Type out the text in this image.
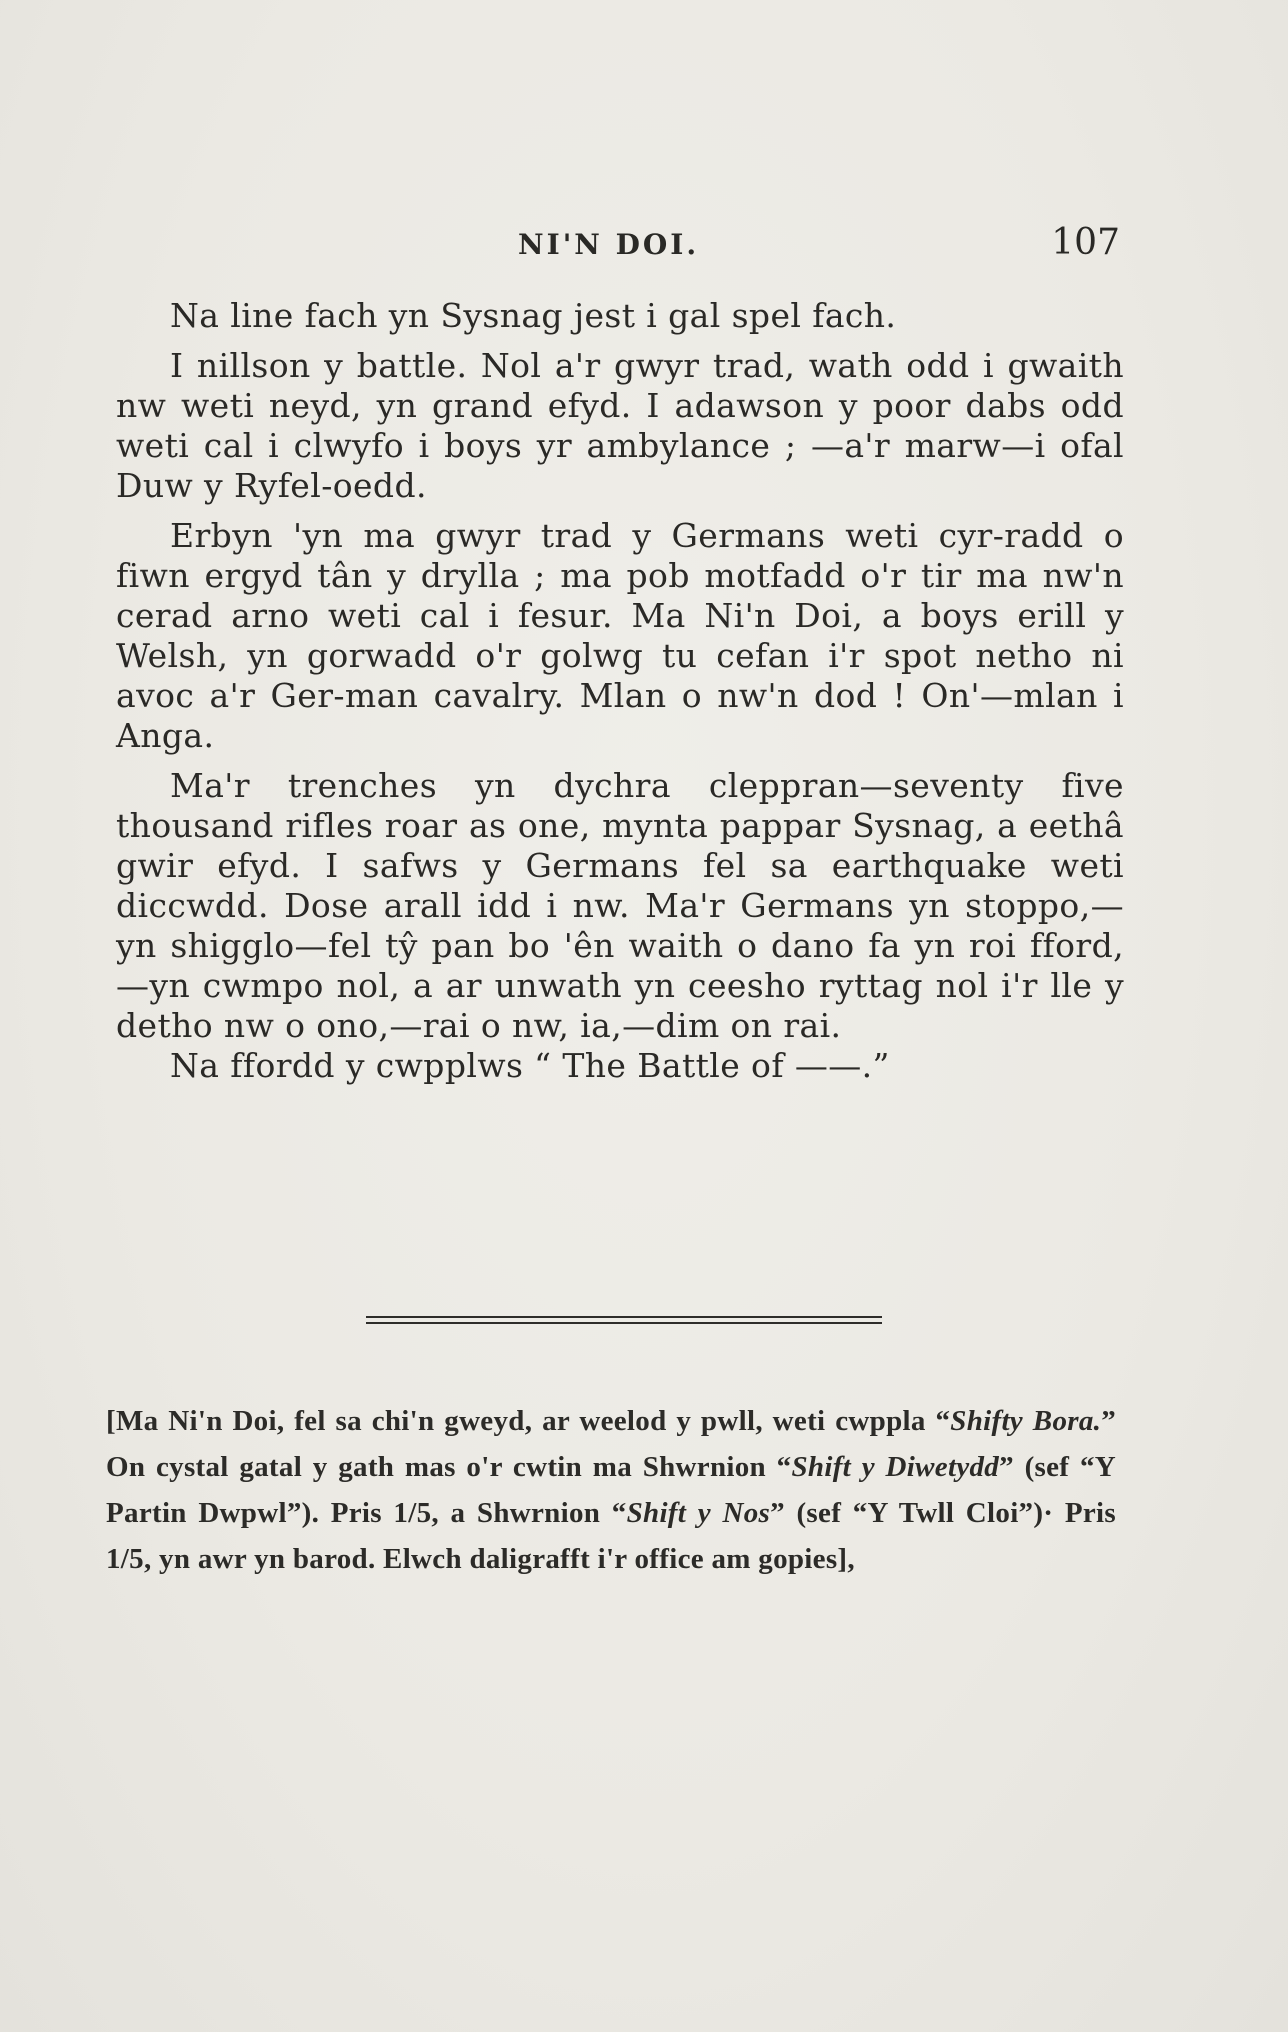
NI'N DOI.	107

Na line fach yn Sysnag jest i gal spel fach.

I nillson y battle. Nol a'r gwyr trad, wath odd i gwaith nw weti neyd, yn grand efyd. I adawson y poor dabs odd weti cal i clwyfo i boys yr ambylance ; —a'r marw—i ofal Duw y Ryfel-oedd.

Erbyn 'yn ma gwyr trad y Germans weti cyr-radd o fiwn ergyd tân y drylla ; ma pob motfadd o'r tir ma nw'n cerad arno weti cal i fesur. Ma Ni'n Doi, a boys erill y Welsh, yn gorwadd o'r golwg tu cefan i'r spot netho ni avoc a'r Ger-man cavalry. Mlan o nw'n dod ! On'—mlan i Anga.

Ma'r trenches yn dychra cleppran—seventy five thousand rifles roar as one, mynta pappar Sysnag, a eethâ gwir efyd. I safws y Germans fel sa earthquake weti diccwdd. Dose arall idd i nw. Ma'r Germans yn stoppo,—yn shigglo—fel tŷ pan bo 'ên waith o dano fa yn roi fford,—yn cwmpo nol, a ar unwath yn ceesho ryttag nol i'r lle y detho nw o ono,—rai o nw, ia,—dim on rai.

Na ffordd y cwpplws “ The Battle of ——.”

[Ma Ni'n Doi, fel sa chi'n gweyd, ar weelod y pwll, weti cwppla “Shifty Bora.” On cystal gatal y gath mas o'r cwtin ma Shwrnion “Shift y Diwetydd” (sef “Y Partin Dwpwl”). Pris 1/5, a Shwrnion “Shift y Nos” (sef “Y Twll Cloi”)· Pris 1/5, yn awr yn barod. Elwch daligrafft i'r office am gopies],
